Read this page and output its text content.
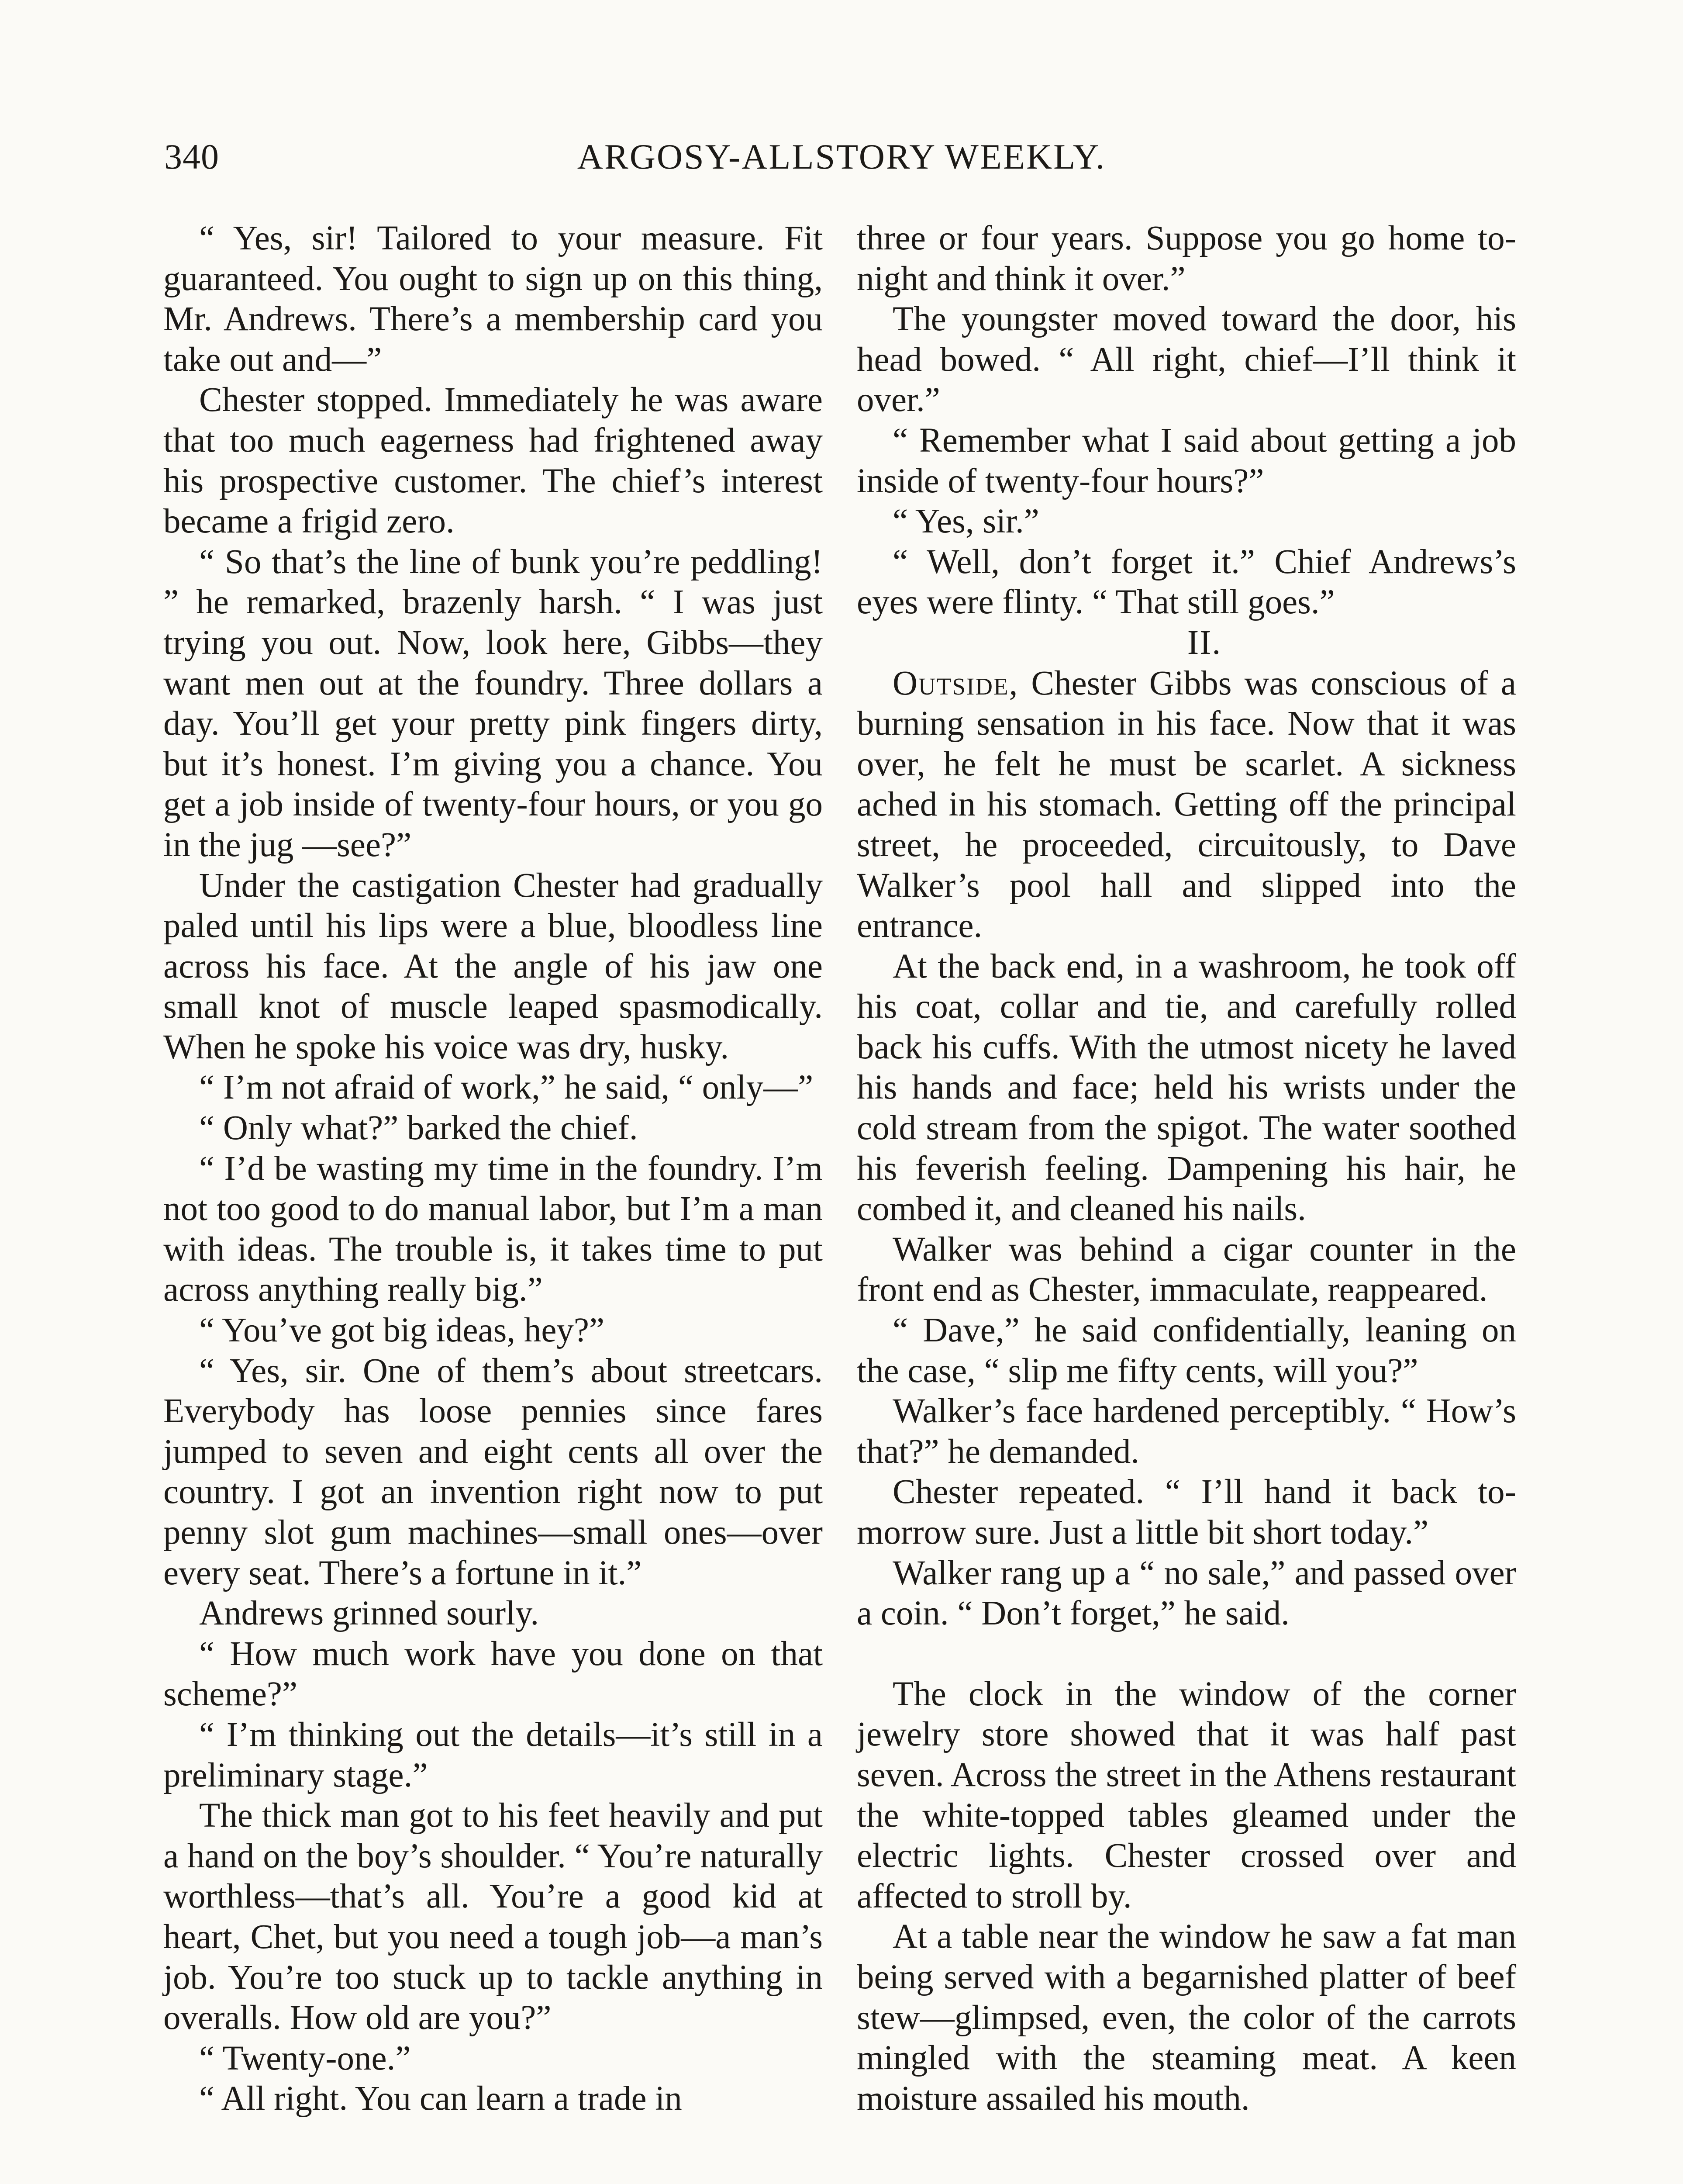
340	ARGOSY-ALLSTORY WEEKLY.

“ Yes, sir! Tailored to your measure. Fit guaranteed. You ought to sign up on this thing, Mr. Andrews. There’s a membership card you take out and—”

Chester stopped. Immediately he was aware that too much eagerness had frightened away his prospective customer. The chief’s interest became a frigid zero.

“ So that’s the line of bunk you’re peddling! ” he remarked, brazenly harsh. “ I was just trying you out. Now, look here, Gibbs—they want men out at the foundry. Three dollars a day. You’ll get your pretty pink fingers dirty, but it’s honest. I’m giving you a chance. You get a job inside of twenty-four hours, or you go in the jug —see?”

Under the castigation Chester had gradually paled until his lips were a blue, bloodless line across his face. At the angle of his jaw one small knot of muscle leaped spasmodically. When he spoke his voice was dry, husky.

“ I’m not afraid of work,” he said, “ only—”

“ Only what?” barked the chief.

“ I’d be wasting my time in the foundry. I’m not too good to do manual labor, but I’m a man with ideas. The trouble is, it takes time to put across anything really big.”

“ You’ve got big ideas, hey?”

“ Yes, sir. One of them’s about streetcars. Everybody has loose pennies since fares jumped to seven and eight cents all over the country. I got an invention right now to put penny slot gum machines—small ones—over every seat. There’s a fortune in it.”

Andrews grinned sourly.

“ How much work have you done on that scheme?”

“ I’m thinking out the details—it’s still in a preliminary stage.”

The thick man got to his feet heavily and put a hand on the boy’s shoulder. “ You’re naturally worthless—that’s all. You’re a good kid at heart, Chet, but you need a tough job—a man’s job. You’re too stuck up to tackle anything in overalls. How old are you?”

“ Twenty-one.”

“ All right. You can learn a trade in

three or four years. Suppose you go home to-night and think it over.”

The youngster moved toward the door, his head bowed. “ All right, chief—I’ll think it over.”

“ Remember what I said about getting a job inside of twenty-four hours?”

“ Yes, sir.”

“ Well, don’t forget it.” Chief Andrews’s eyes were flinty. “ That still goes.”

II.

Outside, Chester Gibbs was conscious of a burning sensation in his face. Now that it was over, he felt he must be scarlet. A sickness ached in his stomach. Getting off the principal street, he proceeded, circuitously, to Dave Walker’s pool hall and slipped into the entrance.

At the back end, in a washroom, he took off his coat, collar and tie, and carefully rolled back his cuffs. With the utmost nicety he laved his hands and face; held his wrists under the cold stream from the spigot. The water soothed his feverish feeling. Dampening his hair, he combed it, and cleaned his nails.

Walker was behind a cigar counter in the front end as Chester, immaculate, reappeared.

“ Dave,” he said confidentially, leaning on the case, “ slip me fifty cents, will you?”

Walker’s face hardened perceptibly. “ How’s that?” he demanded.

Chester repeated. “ I’ll hand it back to-morrow sure. Just a little bit short today.”

Walker rang up a “ no sale,” and passed over a coin. “ Don’t forget,” he said.

The clock in the window of the corner jewelry store showed that it was half past seven. Across the street in the Athens restaurant the white-topped tables gleamed under the electric lights. Chester crossed over and affected to stroll by.

At a table near the window he saw a fat man being served with a begarnished platter of beef stew—glimpsed, even, the color of the carrots mingled with the steaming meat. A keen moisture assailed his mouth.
